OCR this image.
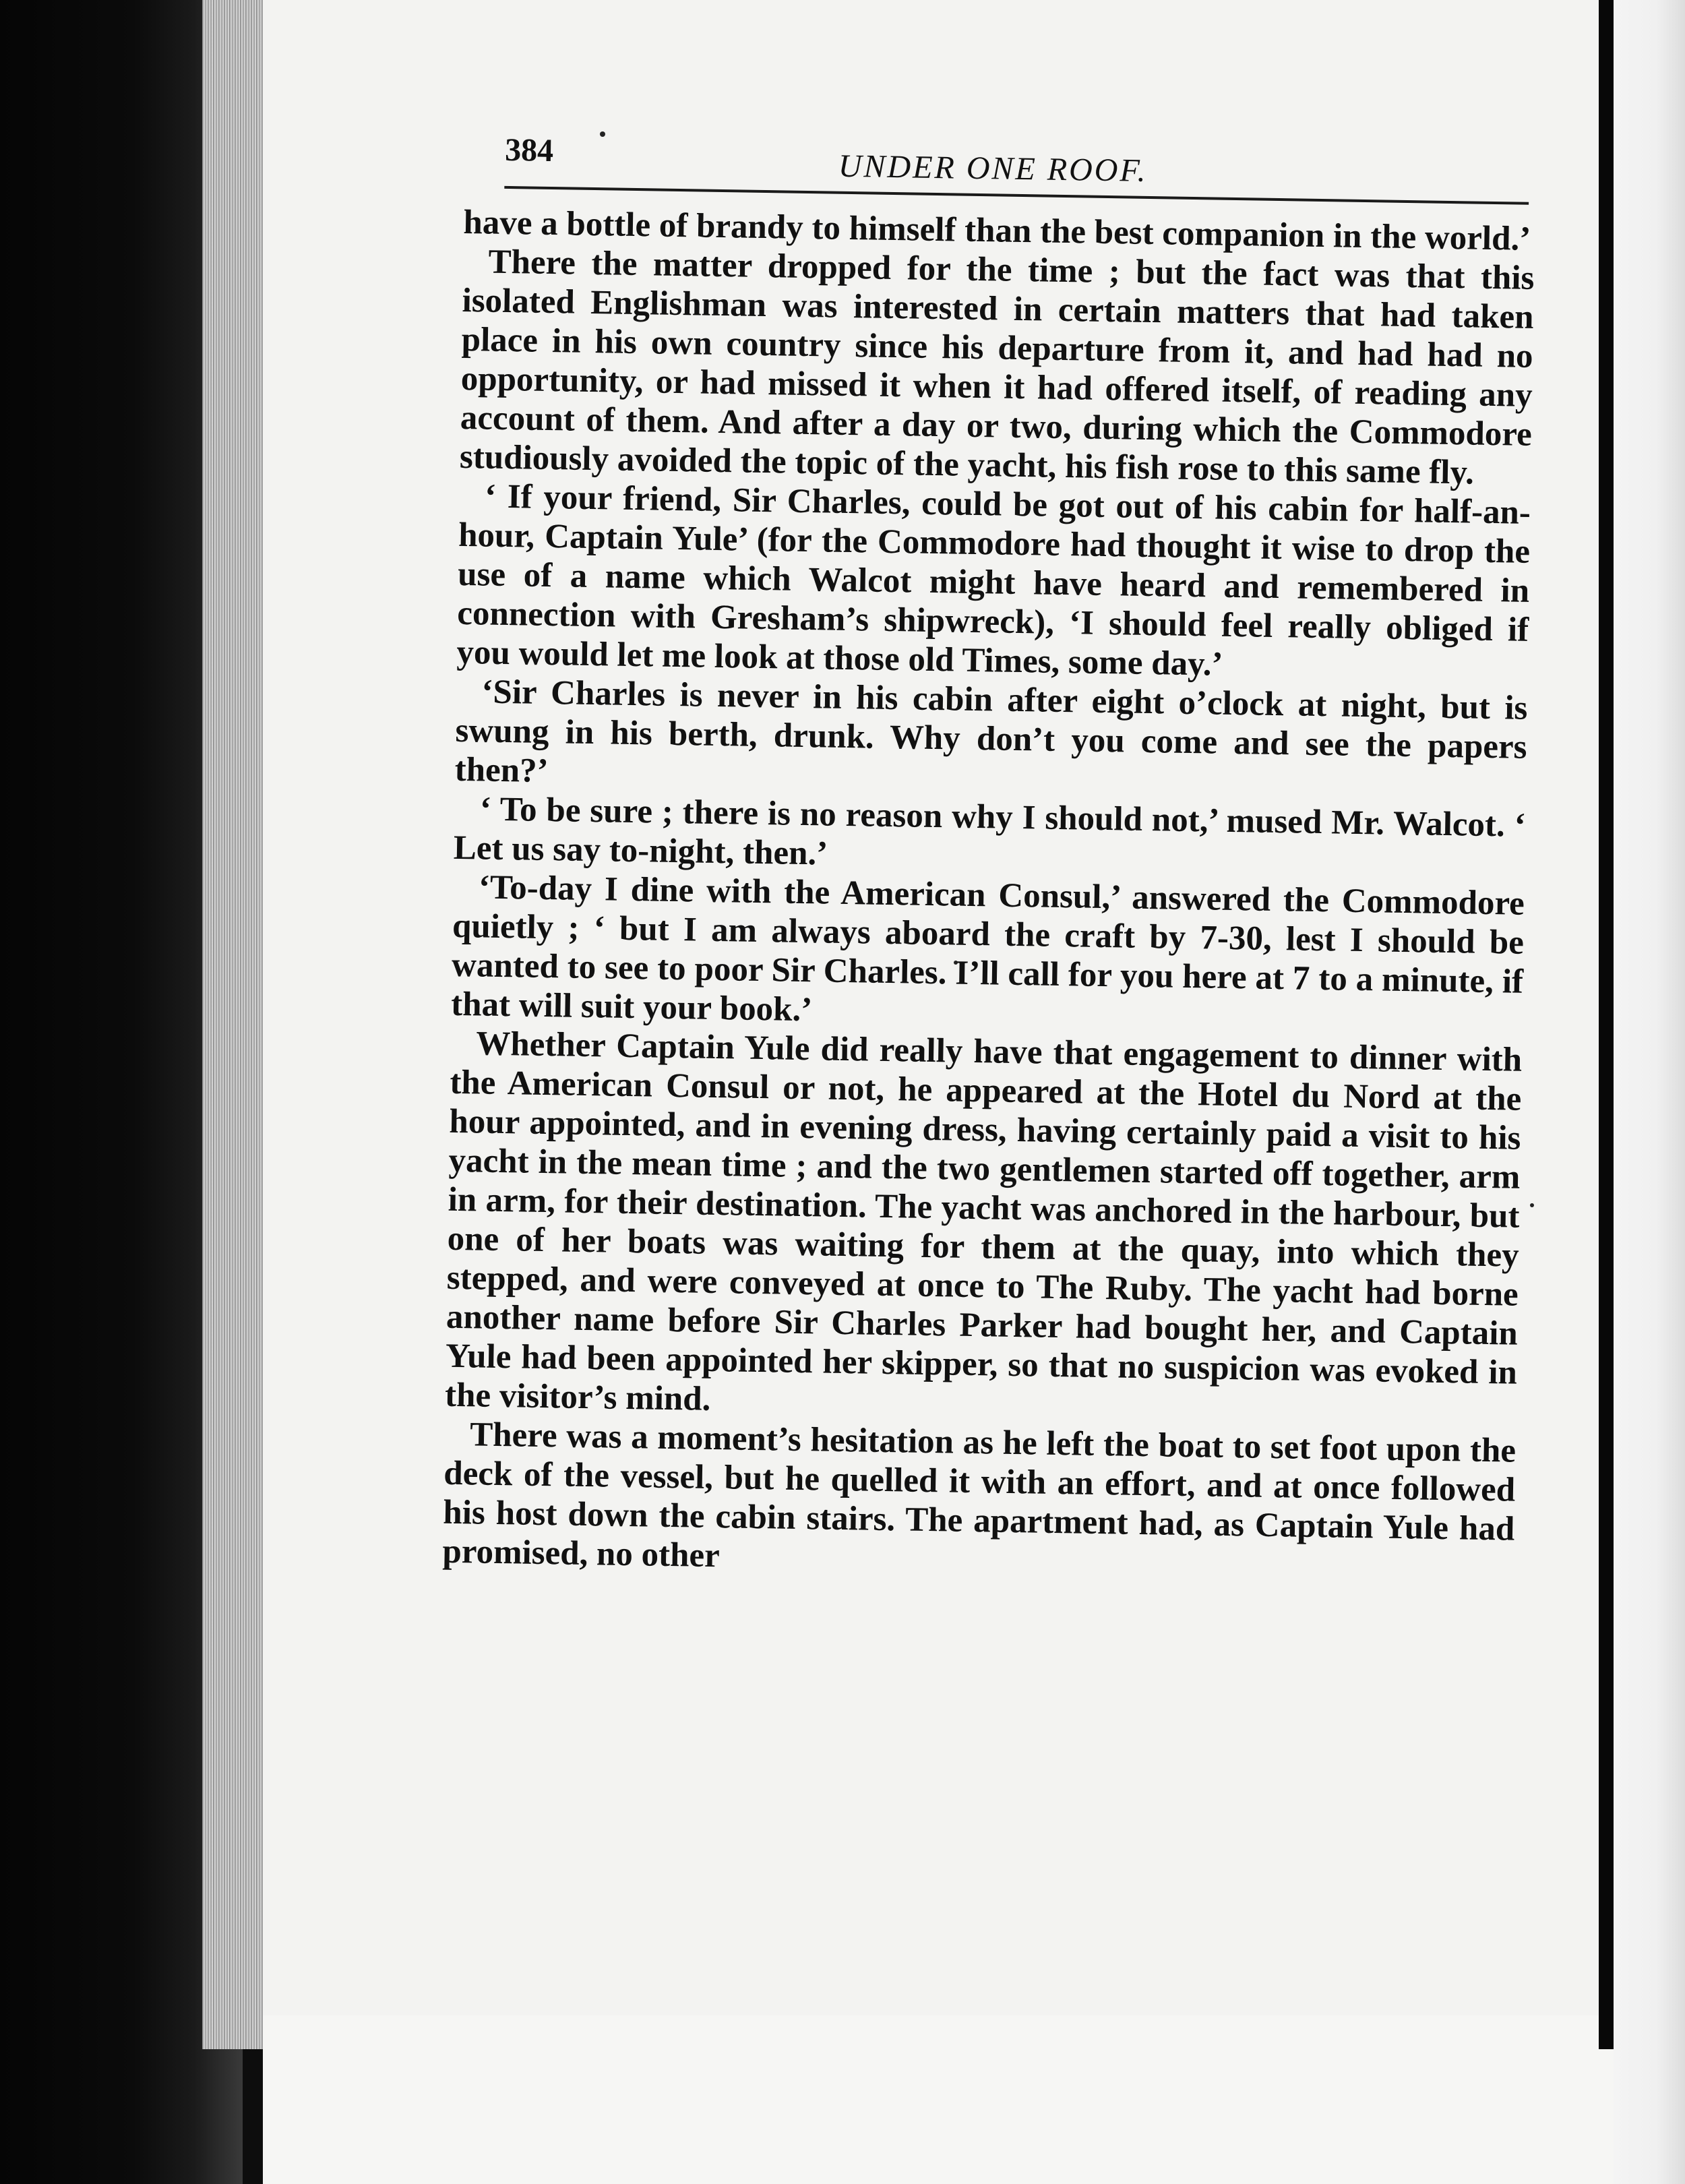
384	UNDER ONE ROOF.

have a bottle of brandy to himself than the best companion in the world.’

There the matter dropped for the time ; but the fact was that this isolated Englishman was interested in certain matters that had taken place in his own country since his departure from it, and had had no opportunity, or had missed it when it had offered itself, of reading any account of them. And after a day or two, during which the Commodore studiously avoided the topic of the yacht, his fish rose to this same fly.

‘ If your friend, Sir Charles, could be got out of his cabin for half-an-hour, Captain Yule’ (for the Commodore had thought it wise to drop the use of a name which Walcot might have heard and remembered in connection with Gresham’s shipwreck), ‘I should feel really obliged if you would let me look at those old Times, some day.’

‘Sir Charles is never in his cabin after eight o’clock at night, but is swung in his berth, drunk. Why don’t you come and see the papers then?’

‘ To be sure ; there is no reason why I should not,’ mused Mr. Walcot. ‘ Let us say to-night, then.’

‘To-day I dine with the American Consul,’ answered the Commodore quietly ; ‘ but I am always aboard the craft by 7-30, lest I should be wanted to see to poor Sir Charles. I’ll call for you here at 7 to a minute, if that will suit your book.’

Whether Captain Yule did really have that engagement to dinner with the American Consul or not, he appeared at the Hotel du Nord at the hour appointed, and in evening dress, having certainly paid a visit to his yacht in the mean time ; and the two gentlemen started off together, arm in arm, for their destination. The yacht was anchored in the harbour, but one of her boats was waiting for them at the quay, into which they stepped, and were conveyed at once to The Ruby. The yacht had borne another name before Sir Charles Parker had bought her, and Captain Yule had been appointed her skipper, so that no suspicion was evoked in the visitor’s mind.

There was a moment’s hesitation as he left the boat to set foot upon the deck of the vessel, but he quelled it with an effort, and at once followed his host down the cabin stairs. The apartment had, as Captain Yule had promised, no other
